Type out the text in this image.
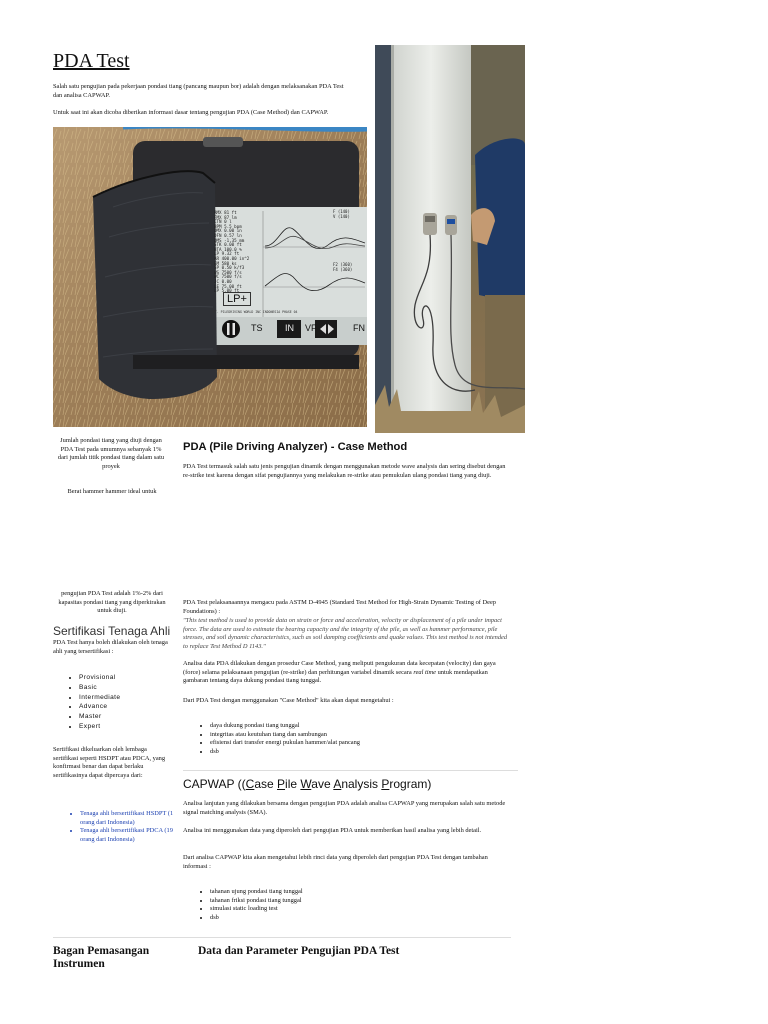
PDA Test
Salah satu pengujian pada pekerjaan pondasi tiang (pancang maupun bor) adalah dengan melaksanakan PDA Test dan analisa CAPWAP.
Untuk saat ini akan dicoba diberikan informasi dasar tentang pengujian PDA (Case Method) dan CAPWAP.
RMX 81 ft
FMX 87 lm
CTN 0 l
BPM 5.5 bpm
DMX 0.00 in
DFN 0.57 ln
DMS -1.35 mm
STK 0.00 ft
BTA 100.0 %
LP 9.32 ft
AR 400.00 in^2
EM 580 ks
SP 0.50 k/f3
WS 7500 f/s
WC 7500 f/s
JC 0.00
LE 75.00 ft
LP 5.00 ft
F (140)
V (140)
F2 (360)
F4 (360)
LP+
PT. PILEDRIVING WORLD INC INDONESIA PHASE 04
TS IN VF	FN
Jumlah pondasi tiang yang diuji dengan PDA Test pada umumnya sebanyak 1% dari jumlah titik pondasi tiang dalam satu proyek
Berat hammer hammer ideal untuk
pengujian PDA Test adalah 1%-2% dari kapasitas pondasi tiang yang diperkirakan untuk diuji.
Sertifikasi Tenaga Ahli
PDA Test hanya boleh dilakukan oleh tenaga ahli yang tersertifikasi :
• Provisional
• Basic
• Intermediate
• Advance
• Master
• Expert
Sertifikasi dikeluarkan oleh lembaga sertifikasi seperti HSDPT atau PDCA, yang konfirmasi benar dan dapat berlaku sertifikasinya dapat dipercaya dari:
• Tenaga ahli bersertifikasi HSDPT (1 orang dari Indonesia)
• Tenaga ahli bersertifikasi PDCA (19 orang dari Indonesia)
PDA (Pile Driving Analyzer) - Case Method
PDA Test termasuk salah satu jenis pengujian dinamik dengan menggunakan metode wave analysis dan sering disebut dengan re-strike test karena dengan sifat pengujiannya yang melakukan re-strike atau pemukulan ulang pondasi tiang yang diuji.
PDA Test pelaksanaannya mengacu pada ASTM D-4945 (Standard Test Method for High-Strain Dynamic Testing of Deep Foundations) :
"This test method is used to provide data on strain or force and acceleration, velocity or displacement of a pile under impact force. The data are used to estimate the bearing capacity and the integrity of the pile, as well as hammer performance, pile stresses, and soil dynamic characteristics, such as soil damping coefficients and quake values. This test method is not intended to replace Test Method D 1143."
Analisa data PDA dilakukan dengan prosedur Case Method, yang meliputi pengukuran data kecepatan (velocity) dan gaya (force) selama pelaksanaan pengujian (re-strike) dan perhitungan variabel dinamik secara real time untuk mendapatkan gambaran tentang daya dukung pondasi tiang tunggal.
Dari PDA Test dengan menggunakan "Case Method" kita akan dapat mengetahui :
• daya dukung pondasi tiang tunggal
• integritas atau keutuhan tiang dan sambungan
• efisiensi dari transfer energi pukulan hammer/alat pancang
• dsb
CAPWAP ((Case Pile Wave Analysis Program)
Analisa lanjutan yang dilakukan bersama dengan pengujian PDA adalah analisa CAPWAP yang merupakan salah satu metode signal matching analysis (SMA).
Analisa ini menggunakan data yang diperoleh dari pengujian PDA untuk memberikan hasil analisa yang lebih detail.
Dari analisa CAPWAP kita akan mengetahui lebih rinci data yang diperoleh dari pengujian PDA Test dengan tambahan informasi :
• tahanan ujung pondasi tiang tunggal
• tahanan friksi pondasi tiang tunggal
• simulasi static loading test
• dsb
Bagan Pemasangan Instrumen
Data dan Parameter Pengujian PDA Test
